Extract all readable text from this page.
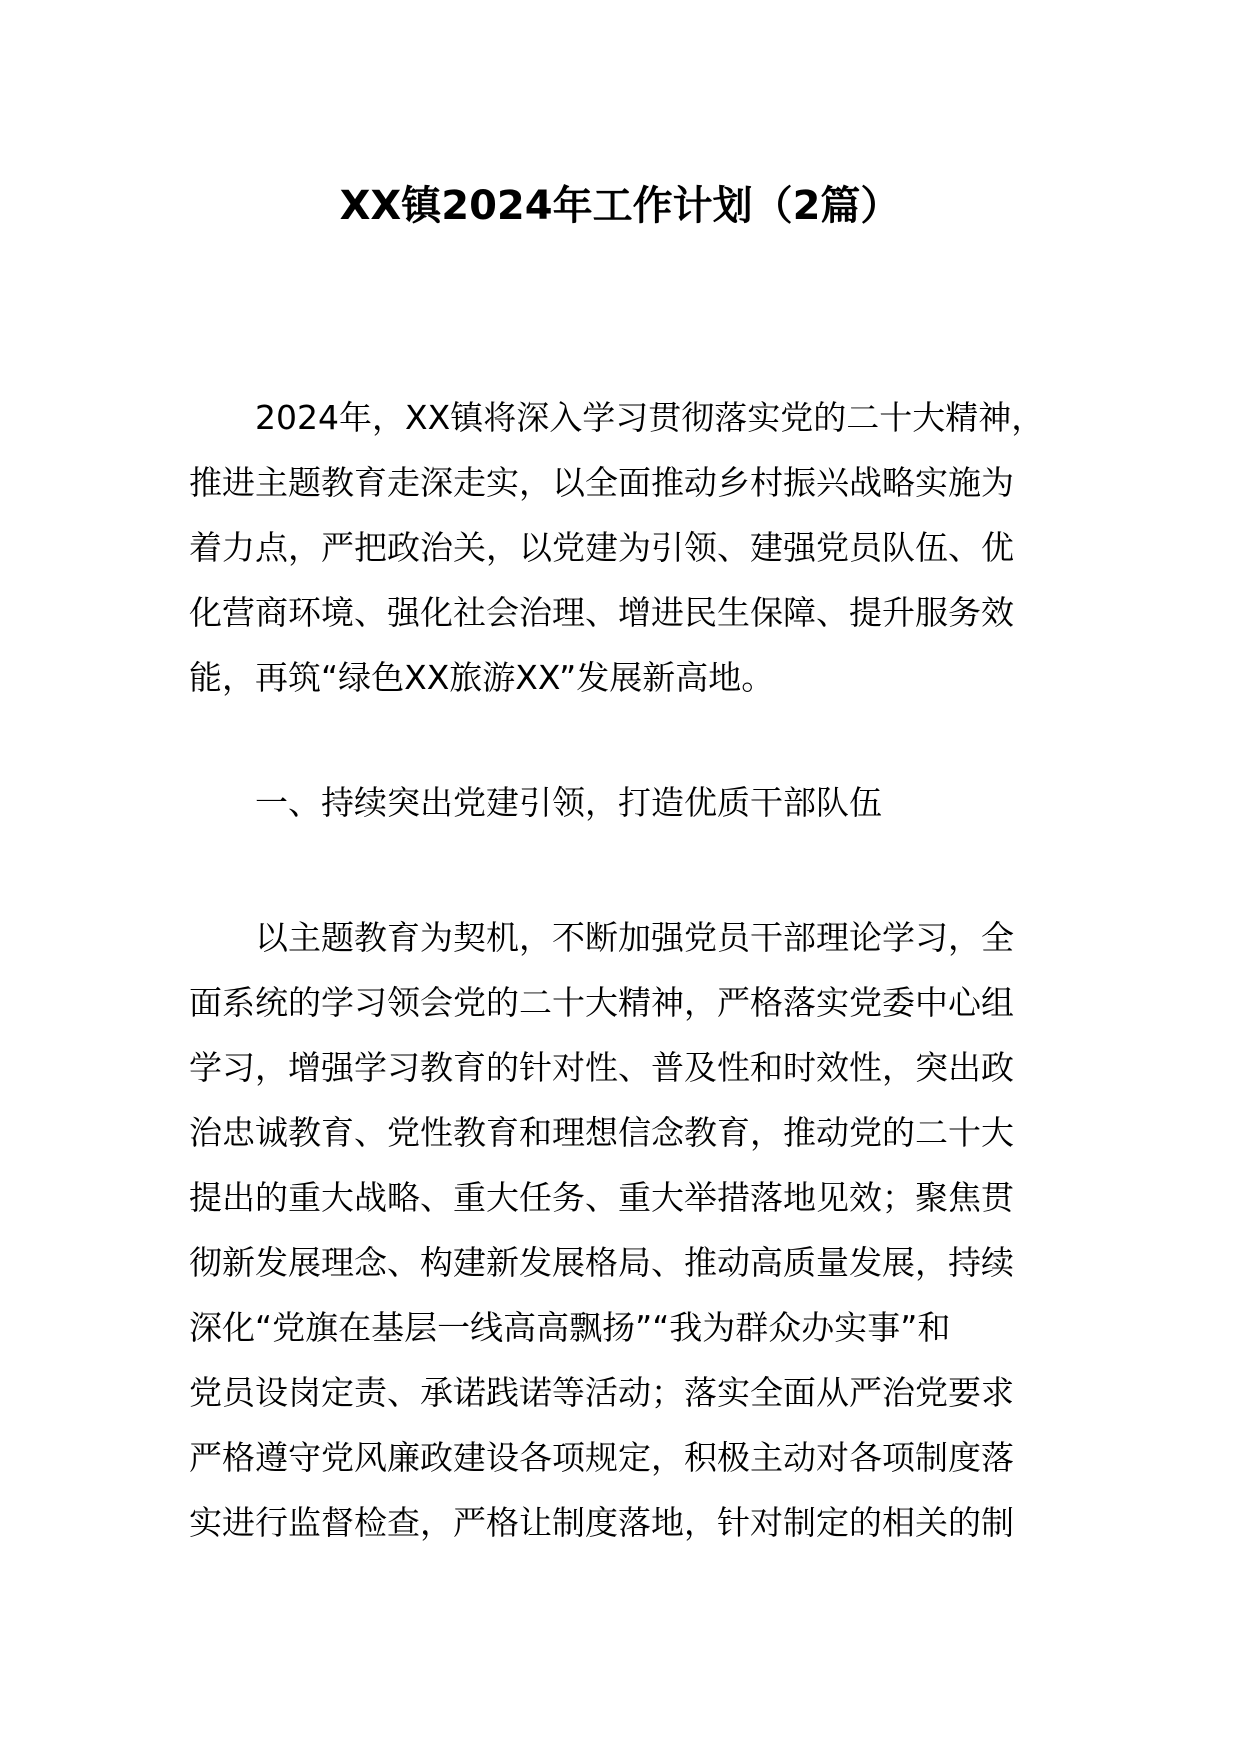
XX镇2024年工作计划（2篇）
2024年，XX镇将深入学习贯彻落实党的二十大精神，
推进主题教育走深走实，以全面推动乡村振兴战略实施为
着力点，严把政治关，以党建为引领、建强党员队伍、优
化营商环境、强化社会治理、增进民生保障、提升服务效
能，再筑“绿色XX旅游XX”发展新高地。
一、持续突出党建引领，打造优质干部队伍
以主题教育为契机，不断加强党员干部理论学习，全
面系统的学习领会党的二十大精神，严格落实党委中心组
学习，增强学习教育的针对性、普及性和时效性，突出政
治忠诚教育、党性教育和理想信念教育，推动党的二十大
提出的重大战略、重大任务、重大举措落地见效；聚焦贯
彻新发展理念、构建新发展格局、推动高质量发展，持续
深化“党旗在基层一线高高飘扬”“我为群众办实事”和
党员设岗定责、承诺践诺等活动；落实全面从严治党要求
严格遵守党风廉政建设各项规定，积极主动对各项制度落
实进行监督检查，严格让制度落地，针对制定的相关的制
